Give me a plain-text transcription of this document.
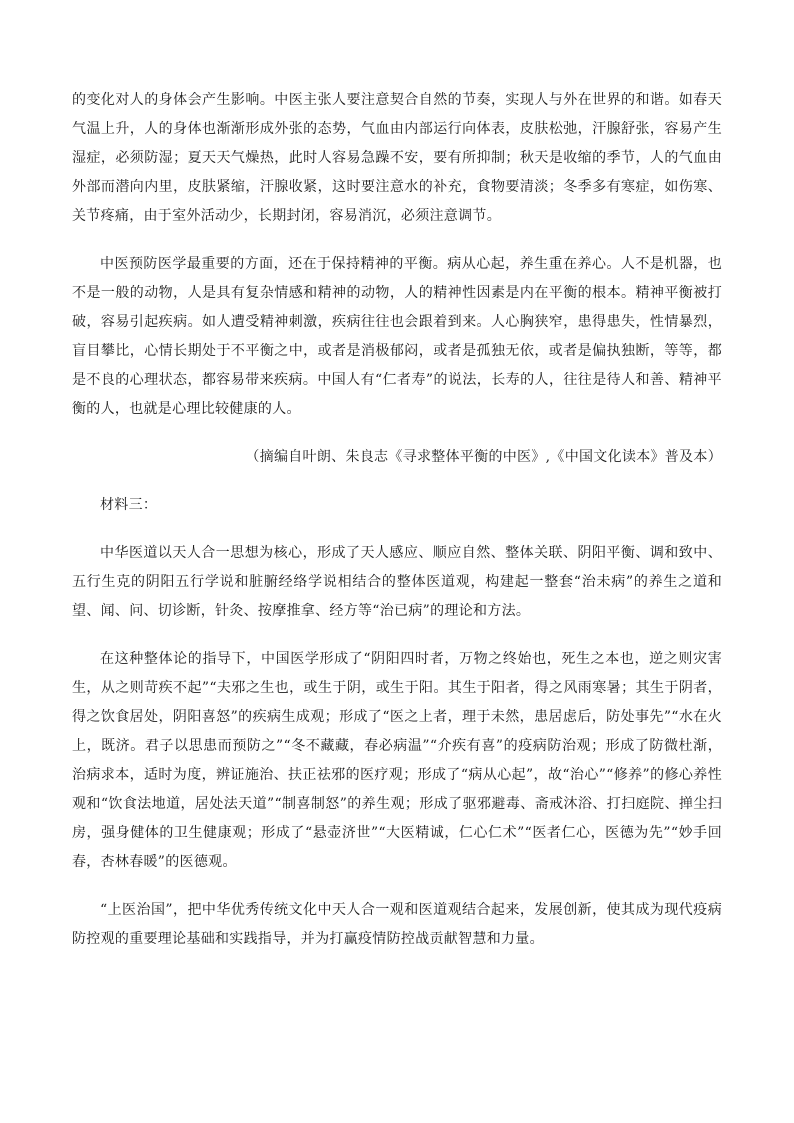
的变化对人的身体会产生影响。中医主张人要注意契合自然的节奏，实现人与外在世界的和谐。如春天气温上升，人的身体也渐渐形成外张的态势，气血由内部运行向体表，皮肤松弛，汗腺舒张，容易产生湿症，必须防湿；夏天天气燥热，此时人容易急躁不安，要有所抑制；秋天是收缩的季节，人的气血由外部而潜向内里，皮肤紧缩，汗腺收紧，这时要注意水的补充，食物要清淡；冬季多有寒症，如伤寒、关节疼痛，由于室外活动少，长期封闭，容易消沉，必须注意调节。

中医预防医学最重要的方面，还在于保持精神的平衡。病从心起，养生重在养心。人不是机器，也不是一般的动物，人是具有复杂情感和精神的动物，人的精神性因素是内在平衡的根本。精神平衡被打破，容易引起疾病。如人遭受精神刺激，疾病往往也会跟着到来。人心胸狭窄，患得患失，性情暴烈，盲目攀比，心情长期处于不平衡之中，或者是消极郁闷，或者是孤独无依，或者是偏执独断，等等，都是不良的心理状态，都容易带来疾病。中国人有“仁者寿”的说法，长寿的人，往往是待人和善、精神平衡的人，也就是心理比较健康的人。

（摘编自叶朗、朱良志《寻求整体平衡的中医》,《中国文化读本》普及本）

材料三：

中华医道以天人合一思想为核心，形成了天人感应、顺应自然、整体关联、阴阳平衡、调和致中、五行生克的阴阳五行学说和脏腑经络学说相结合的整体医道观，构建起一整套“治未病”的养生之道和望、闻、问、切诊断，针灸、按摩推拿、经方等“治已病”的理论和方法。

在这种整体论的指导下，中国医学形成了“阴阳四时者，万物之终始也，死生之本也，逆之则灾害生，从之则苛疾不起”“夫邪之生也，或生于阴，或生于阳。其生于阳者，得之风雨寒暑；其生于阴者，得之饮食居处，阴阳喜怒”的疾病生成观；形成了“医之上者，理于未然，患居虑后，防处事先”“水在火上，既济。君子以思患而预防之”“冬不藏藏，春必病温”“介疾有喜”的疫病防治观；形成了防微杜渐，治病求本，适时为度，辨证施治、扶正祛邪的医疗观；形成了“病从心起”，故“治心”“修养”的修心养性观和“饮食法地道，居处法天道”“制喜制怒”的养生观；形成了驱邪避毒、斋戒沐浴、打扫庭院、掸尘扫房，强身健体的卫生健康观；形成了“悬壶济世”“大医精诚，仁心仁术”“医者仁心，医德为先”“妙手回春，杏林春暖”的医德观。

“上医治国”，把中华优秀传统文化中天人合一观和医道观结合起来，发展创新，使其成为现代疫病防控观的重要理论基础和实践指导，并为打赢疫情防控战贡献智慧和力量。
